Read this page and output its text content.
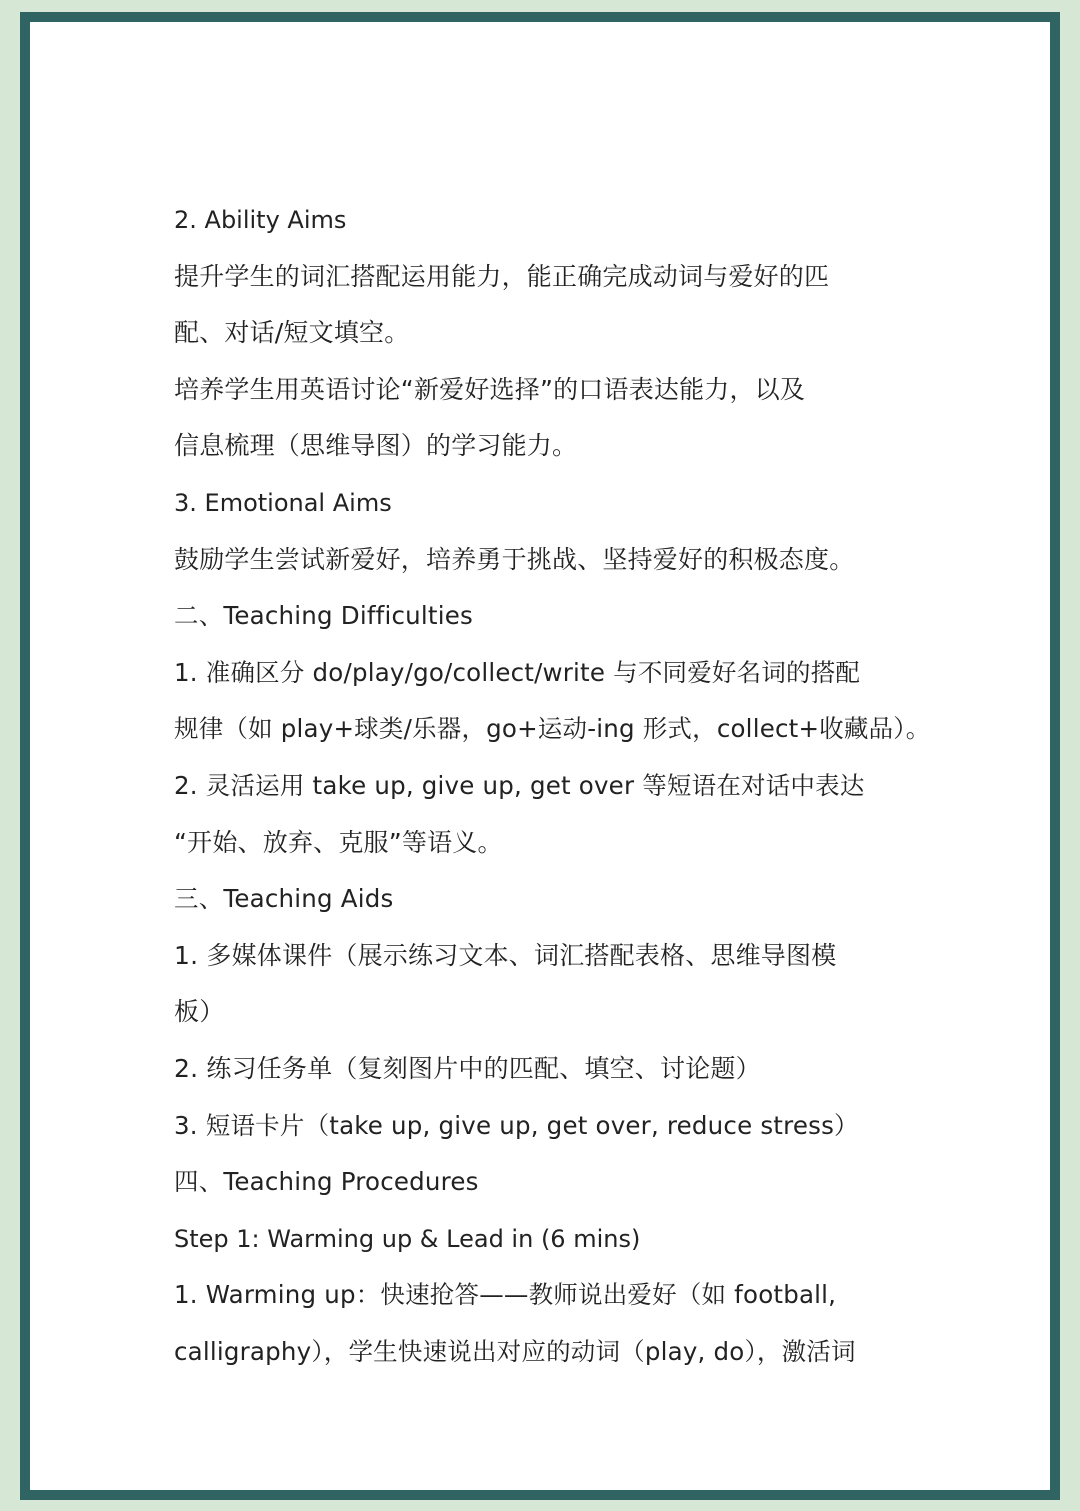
2. Ability Aims
提升学生的词汇搭配运用能力，能正确完成动词与爱好的匹
配、对话/短文填空。
培养学生用英语讨论“新爱好选择”的口语表达能力，以及
信息梳理（思维导图）的学习能力。
3. Emotional Aims
鼓励学生尝试新爱好，培养勇于挑战、坚持爱好的积极态度。
二、Teaching Difficulties
1. 准确区分 do/play/go/collect/write 与不同爱好名词的搭配
规律（如 play+球类/乐器，go+运动-ing 形式，collect+收藏品）。
2. 灵活运用 take up, give up, get over 等短语在对话中表达
“开始、放弃、克服”等语义。
三、Teaching Aids
1. 多媒体课件（展示练习文本、词汇搭配表格、思维导图模
板）
2. 练习任务单（复刻图片中的匹配、填空、讨论题）
3. 短语卡片（take up, give up, get over, reduce stress）
四、Teaching Procedures
Step 1: Warming up & Lead in (6 mins)
1. Warming up：快速抢答——教师说出爱好（如 football,
calligraphy），学生快速说出对应的动词（play, do），激活词
